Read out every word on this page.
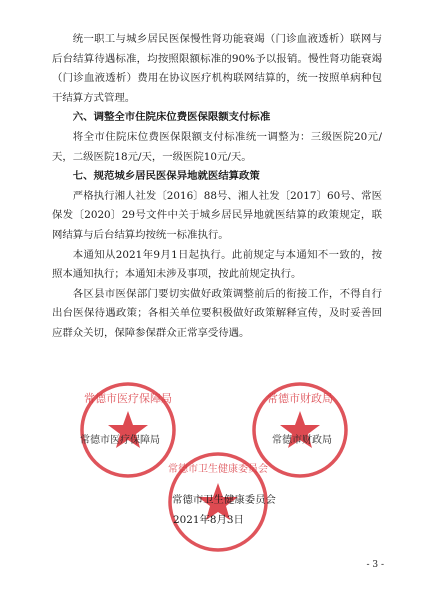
统一职工与城乡居民医保慢性肾功能衰竭（门诊血液透析）联网与后台结算待遇标准，均按照限额标准的90%予以报销。慢性肾功能衰竭（门诊血液透析）费用在协议医疗机构联网结算的，统一按照单病种包干结算方式管理。

六、调整全市住院床位费医保限额支付标准

将全市住院床位费医保限额支付标准统一调整为：三级医院20元/天，二级医院18元/天，一级医院10元/天。

七、规范城乡居民医保异地就医结算政策

严格执行湘人社发〔2016〕88号、湘人社发〔2017〕60号、常医保发〔2020〕29号文件中关于城乡居民异地就医结算的政策规定，联网结算与后台结算均按统一标准执行。

本通知从2021年9月1日起执行。此前规定与本通知不一致的，按照本通知执行；本通知未涉及事项，按此前规定执行。

各区县市医保部门要切实做好政策调整前后的衔接工作，不得自行出台医保待遇政策；各相关单位要积极做好政策解释宣传，及时妥善回应群众关切，保障参保群众正常享受待遇。

常德市医疗保障局
常德市医疗保障局
常德市财政局
常德市财政局
常德市卫生健康委员会
常德市卫生健康委员会
2021年8月3日
- 3 -
